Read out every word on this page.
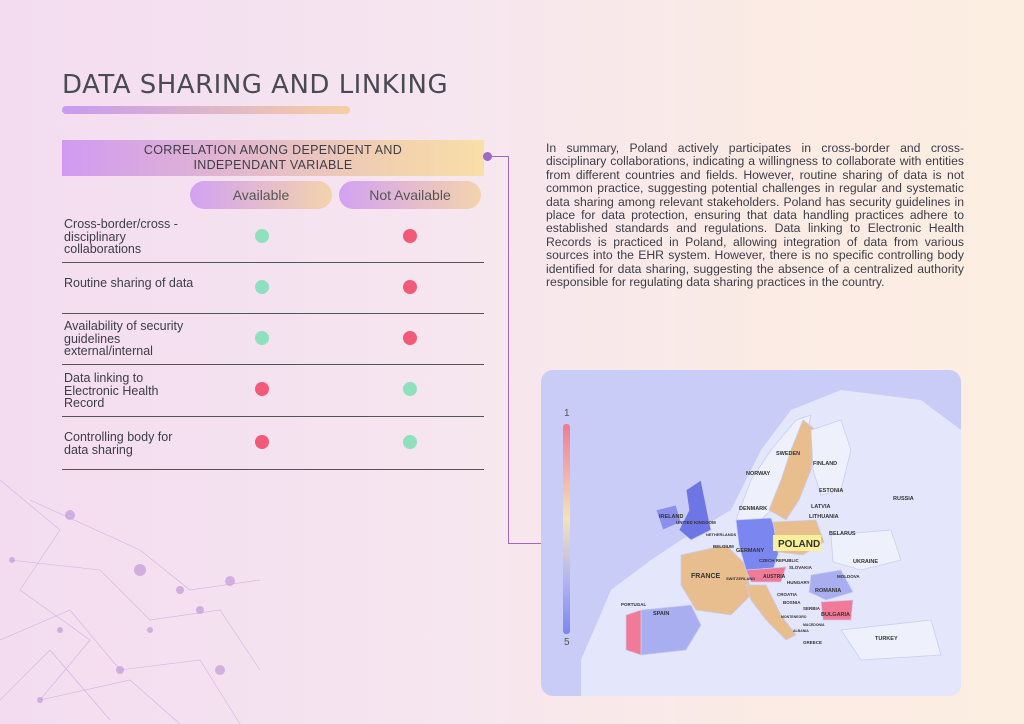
DATA SHARING AND LINKING
CORRELATION AMONG DEPENDENT AND INDEPENDANT VARIABLE
Available	Not Available
Cross-border/cross -disciplinary collaborations
Routine sharing of data
Availability of security guidelines external/internal
Data linking to Electronic Health Record
Controlling body for data sharing
In summary, Poland actively participates in cross-border and cross-disciplinary collaborations, indicating a willingness to collaborate with entities from different countries and fields. However, routine sharing of data is not common practice, suggesting potential challenges in regular and systematic data sharing among relevant stakeholders. Poland has security guidelines in place for data protection, ensuring that data handling practices adhere to established standards and regulations. Data linking to Electronic Health Records is practiced in Poland, allowing integration of data from various sources into the EHR system. However, there is no specific controlling body identified for data sharing, suggesting the absence of a centralized authority responsible for regulating data sharing practices in the country.
SWEDEN
NORWAY
FINLAND
RUSSIA
ESTONIA
LATVIA
LITHUANIA
BELARUS
UKRAINE
IRELAND
UNITED KINGDOM
DENMARK
NETHERLANDS
BELGIUM
GERMANY
CZECH REPUBLIC
SLOVAKIA
AUSTRIA
SWITZERLAND
HUNGARY
MOLDOVA
ROMANIA
FRANCE
CROATIA
BOSNIA
SERBIA
MONTENEGRO	BULGARIA
MACEDONIA
ALBANIA
GREECE
PORTUGAL
SPAIN
TURKEY
POLAND
1
5
